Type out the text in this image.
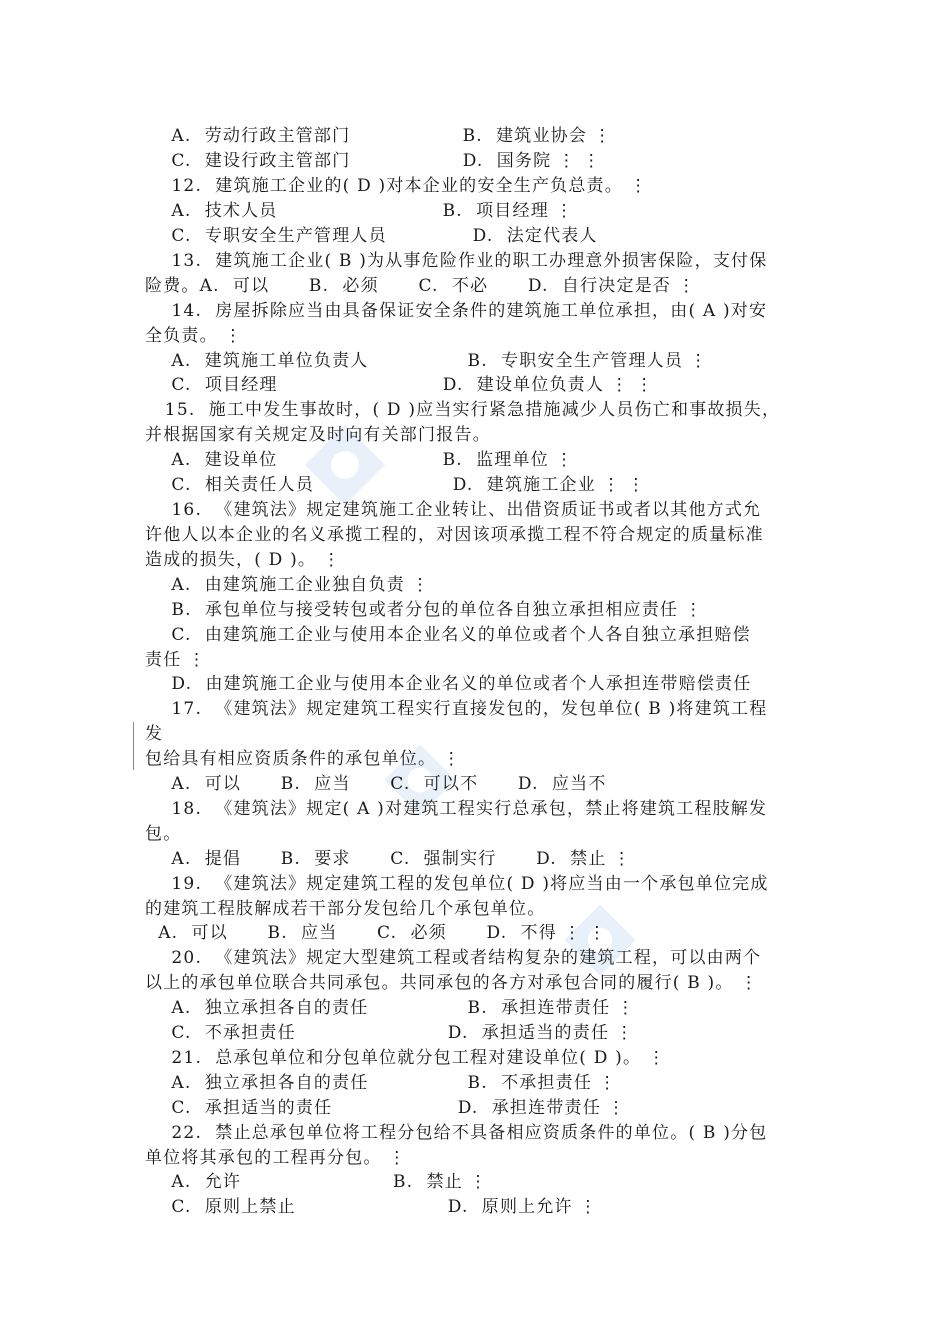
A.  劳动行政主管部门                 B.  建筑业协会 ⋮
C.  建设行政主管部门                 D.  国务院 ⋮ ⋮
12.  建筑施工企业的( D )对本企业的安全生产负总责。 ⋮
A.  技术人员                         B.  项目经理 ⋮
C.  专职安全生产管理人员             D.  法定代表人
13.  建筑施工企业( B )为从事危险作业的职工办理意外损害保险，支付保
险费。A.  可以      B.  必须      C.  不必      D.  自行决定是否 ⋮
14.  房屋拆除应当由具备保证安全条件的建筑施工单位承担，由( A )对安
全负责。 ⋮
A.  建筑施工单位负责人               B.  专职安全生产管理人员 ⋮
C.  项目经理                         D.  建设单位负责人 ⋮ ⋮
15.  施工中发生事故时，( D )应当实行紧急措施减少人员伤亡和事故损失，
并根据国家有关规定及时向有关部门报告。
A.  建设单位                         B.  监理单位 ⋮
C.  相关责任人员                     D.  建筑施工企业 ⋮ ⋮
16.  《建筑法》规定建筑施工企业转让、出借资质证书或者以其他方式允
许他人以本企业的名义承揽工程的，对因该项承揽工程不符合规定的质量标准
造成的损失，( D )。 ⋮
A.  由建筑施工企业独自负责 ⋮
B.  承包单位与接受转包或者分包的单位各自独立承担相应责任 ⋮
C.  由建筑施工企业与使用本企业名义的单位或者个人各自独立承担赔偿
责任 ⋮
D.  由建筑施工企业与使用本企业名义的单位或者个人承担连带赔偿责任
17.  《建筑法》规定建筑工程实行直接发包的，发包单位( B )将建筑工程
发
包给具有相应资质条件的承包单位。 ⋮
A.  可以      B.  应当      C.  可以不      D.  应当不
18.  《建筑法》规定( A )对建筑工程实行总承包，禁止将建筑工程肢解发
包。
A.  提倡      B.  要求      C.  强制实行      D.  禁止 ⋮
19.  《建筑法》规定建筑工程的发包单位( D )将应当由一个承包单位完成
的建筑工程肢解成若干部分发包给几个承包单位。
A.  可以      B.  应当      C.  必须      D.  不得 ⋮ ⋮
20.  《建筑法》规定大型建筑工程或者结构复杂的建筑工程，可以由两个
以上的承包单位联合共同承包。共同承包的各方对承包合同的履行( B )。 ⋮
A.  独立承担各自的责任               B.  承担连带责任 ⋮
C.  不承担责任                       D.  承担适当的责任 ⋮
21.  总承包单位和分包单位就分包工程对建设单位( D )。 ⋮
A.  独立承担各自的责任               B.  不承担责任 ⋮
C.  承担适当的责任                   D.  承担连带责任 ⋮
22.  禁止总承包单位将工程分包给不具备相应资质条件的单位。( B )分包
单位将其承包的工程再分包。 ⋮
A.  允许                       B.  禁止 ⋮
C.  原则上禁止                       D.  原则上允许 ⋮
